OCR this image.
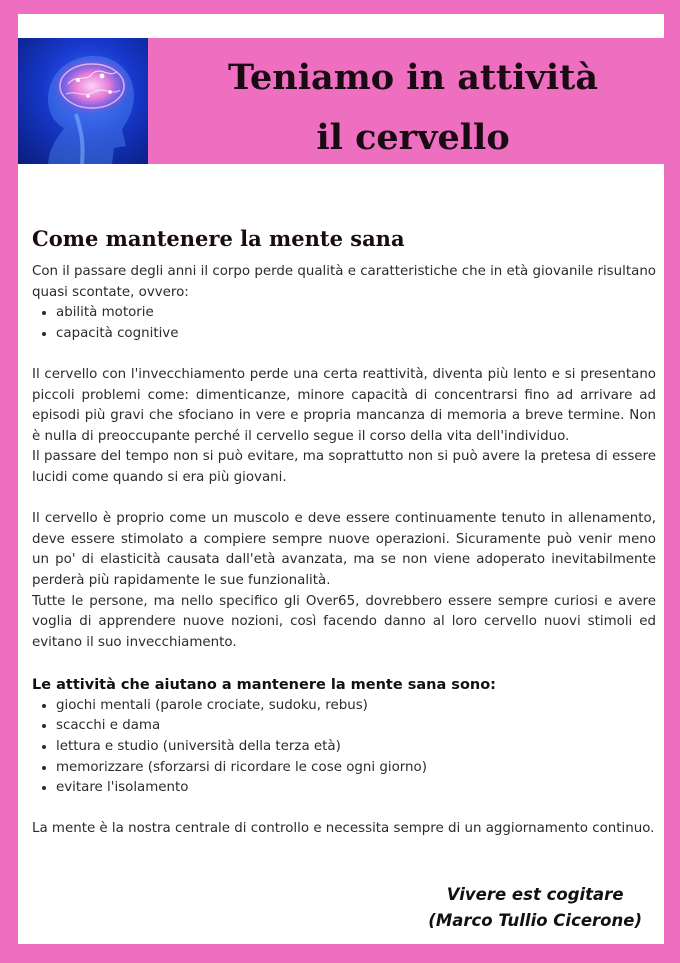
Teniamo in attività
il cervello
Come mantenere la mente sana

Con il passare degli anni il corpo perde qualità e caratteristiche che in età giovanile risultano quasi scontate, ovvero:

• abilità motorie
• capacità cognitive

Il cervello con l'invecchiamento perde una certa reattività, diventa più lento e si presentano piccoli problemi come: dimenticanze, minore capacità di concentrarsi fino ad arrivare ad episodi più gravi che sfociano in vere e propria mancanza di memoria a breve termine. Non è nulla di preoccupante perché il cervello segue il corso della vita dell'individuo.

Il passare del tempo non si può evitare, ma soprattutto non si può avere la pretesa di essere lucidi come quando si era più giovani.

Il cervello è proprio come un muscolo e deve essere continuamente tenuto in allenamento, deve essere stimolato a compiere sempre nuove operazioni. Sicuramente può venir meno un po' di elasticità causata dall'età avanzata, ma se non viene adoperato inevitabilmente perderà più rapidamente le sue funzionalità.

Tutte le persone, ma nello specifico gli Over65, dovrebbero essere sempre curiosi e avere voglia di apprendere nuove nozioni, così facendo danno al loro cervello nuovi stimoli ed evitano il suo invecchiamento.

Le attività che aiutano a mantenere la mente sana sono:
• giochi mentali (parole crociate, sudoku, rebus)
• scacchi e dama
• lettura e studio (università della terza età)
• memorizzare (sforzarsi di ricordare le cose ogni giorno)
• evitare l'isolamento

La mente è la nostra centrale di controllo e necessita sempre di un aggiornamento continuo.

Vivere est cogitare
(Marco Tullio Cicerone)
